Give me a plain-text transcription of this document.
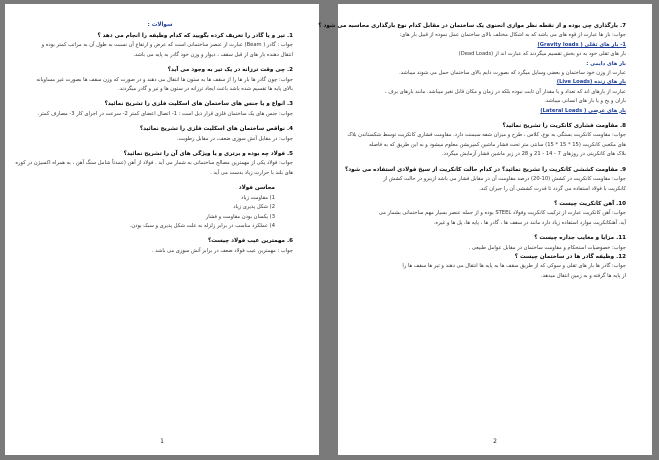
سوالات :
1. تیر و یا گادر را تعریف کرده بگویید که کدام وظیفه را انجام می دهد ؟
جواب : گادر ( Beam) عبارت از عنصر ساختمانی است که عرض و ارتفاع آن نسبت به طول آن به مراتب کمتر بوده و
انتقال دهنده بار های از قبل سقف ، دیوار و وزن خود گادر به پایه می باشد.
2. چی وقت ترزانه در یک تیر به وجود می آید؟
جواب: چون گادر ها بار ها را از سقف ها به ستون ها انتقال می دهند و در صورت که وزن سقف ها بصورت غیر مساویانه
بالای پایه ها تقسیم شده باشد باعث ایجاد ترزانه در ستون ها و تیر و گادر میگردند.
3. انواع و یا جنس های ساختمان های اسکلیت فلزی را تشریح نمائید؟
جواب: جنس های یک ساختمان فلزی قرار ذیل است : 1- اتصال اعضای کمتر 2- سرعت در اجرای کار 3- مصارف کمتر.
4. نواقص ساختمان های اسکلیت فلزی را تشریح نمائید؟
جواب: در مقابل آتش سوزی ضعف، در مقابل رطوبت.
5. فولاد چه بوده و برتری و یا ویژگی های آن را تشریح نمائید؟
جواب: فولاد یکی از مهمترین مصالح ساختمانی به شمار می آید . فولاد از آهن (عمدتاً شامل سنگ آهن ، به همراه اکسیژن در کوره
های بلند با حرارت زیاد بدست می آید .
محاسن فولاد
1) مقاومت زیاد
2) شکل پذیری زیاد
3) یکسان بودن مقاومت و فشار
4) عملکرد مناسب در برابر زلزله به علت شکل پذیری و سبک بودن.
6. مهمترین عیب فولاد چیست؟
جواب : مهمترین عیب فولاد ضعف در برابر آتش سوزی می باشد .
1
7. بارگذاری چی بوده و از نقطه نظر موازی انحنوی یک ساختمان در مقابل کدام نوع بارگذاری محاسبه می شود ؟
جواب: بار ها عبارت از قوه های می باشد که به اشکال مختلف بالای ساختمان عمل نموده از قبیل بار های:
1- بار های ثقلی ( Gravity loads)
بار های ثقلی خود به دو بخش تقسیم میگردند که عبارت اند از (Dead Loads)
بار های دایمی :
عبارت از وزن خود ساختمان و بعضی وسایل میگرد که بصورت دایم بالای ساختمان حمل می شوند میباشد.
بار های زنده (Live Loads)
عبارت از بارهای اند که تعداد و یا مقدار آن ثابت نبوده بلکه در زمان و مکان قابل تغیر میباشد. مانند بارهای برف ،
باران و یخ و یا بار های انسانی میباشد.
بار های عرضی ( Lateral Loads)
8. مقاومت فشاری کانکریت را تشریح نمائید؟
جواب: مقاومت کانکریت بستگی به نوع، کلاس ، طرح و میزان شفه سیمنت دارد. مقاومت فشاری کانکریت توسط شکستاندن بلاک
های مکعبی کانکریت (15 * 15 * 15) سانتی متر تحت فشار ماشین کمپریشن معلوم میشود و به این طریق که به فاصله
بلاک های کانکریتی در روزهای 7 - 14 - 21 و 28 در زیر ماشین فشار آزمایش میگردد.
9. مقاومت کششی کانکریت را تشریح نمائید؟ در کدام حالت کانکریت از سیخ فولادی استفاده می شود؟
جواب: مقاومت کانکریت در کشش (10-20) درصد مقاومت آن در مقابل فشار می باشد ازینرو در حالت کشش از
کانکریت با فولاد استفاده می گردد تا قدرت کششی آن را جبران کند.
10. آهن کانکریت چیست ؟
جواب: آهن کانکریت عبارت از ترکیب کانکریت وفولاد STEEL بوده و از جمله عنصر بسیار مهم ساختمانی بشمار می
آید. آهنکانکریت موارد استفاده زیاد دارد مانند در سقف ها ، گادر ها ، پایه ها، پل ها و غیره.
11. مزایا و معایب جداره چیست ؟
جواب: خصوصیات استحکام و مقاومت ساختمان در مقابل عوامل طبیعی .
12. وظیفه گادر ها در ساختمان چیست ؟
جواب: گادر ها بار های ثقلی و سوکی که از طریق سقف ها به پایه ها انتقال می دهند و تیر ها سقف ها را
از پایه ها گرفته و به زمین انتقال میدهد.
2
